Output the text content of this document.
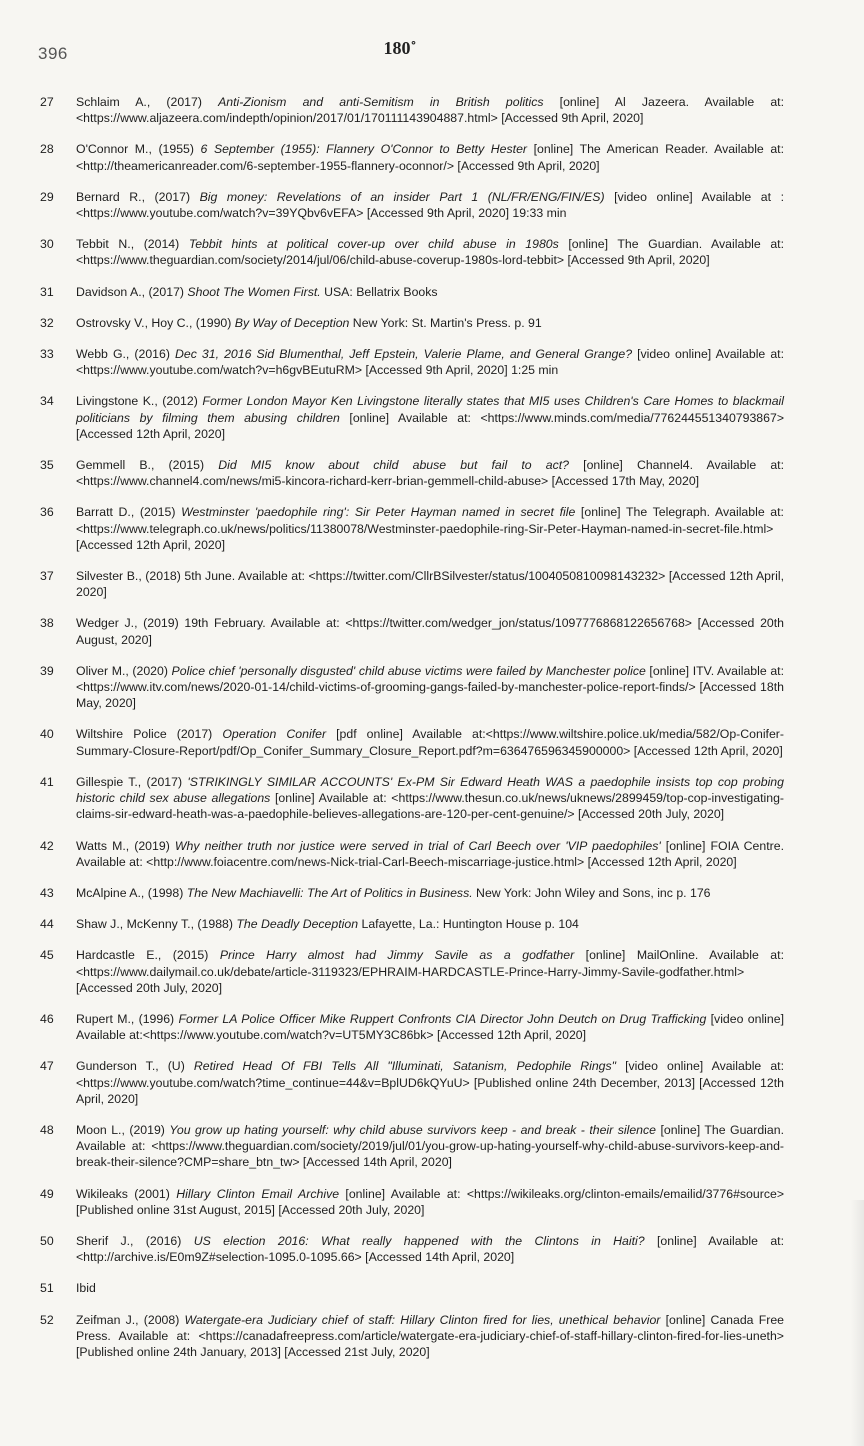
396	180˚
27	Schlaim A., (2017) Anti-Zionism and anti-Semitism in British politics [online] Al Jazeera. Available at:<https://www.aljazeera.com/indepth/opinion/2017/01/170111143904887.html> [Accessed 9th April, 2020]
28	O'Connor M., (1955) 6 September (1955): Flannery O'Connor to Betty Hester [online] The American Reader. Available at:<http://theamericanreader.com/6-september-1955-flannery-oconnor/> [Accessed 9th April, 2020]
29	Bernard R., (2017) Big money: Revelations of an insider Part 1 (NL/FR/ENG/FIN/ES) [video online] Available at : <https://www.youtube.com/watch?v=39YQbv6vEFA> [Accessed 9th April, 2020] 19:33 min
30	Tebbit N., (2014) Tebbit hints at political cover-up over child abuse in 1980s [online] The Guardian. Available at: <https://www.theguardian.com/society/2014/jul/06/child-abuse-coverup-1980s-lord-tebbit> [Accessed 9th April, 2020]
31	Davidson A., (2017) Shoot The Women First. USA: Bellatrix Books
32	Ostrovsky V., Hoy C., (1990) By Way of Deception New York: St. Martin's Press. p. 91
33	Webb G., (2016) Dec 31, 2016 Sid Blumenthal, Jeff Epstein, Valerie Plame, and General Grange? [video online] Available at: <https://www.youtube.com/watch?v=h6gvBEutuRM> [Accessed 9th April, 2020] 1:25 min
34	Livingstone K., (2012) Former London Mayor Ken Livingstone literally states that MI5 uses Children's Care Homes to blackmail politicians by filming them abusing children [online] Available at: <https://www.minds.com/media/776244551340793867> [Accessed 12th April, 2020]
35	Gemmell B., (2015) Did MI5 know about child abuse but fail to act? [online] Channel4. Available at: <https://www.channel4.com/news/mi5-kincora-richard-kerr-brian-gemmell-child-abuse> [Accessed 17th May, 2020]
36	Barratt D., (2015) Westminster 'paedophile ring': Sir Peter Hayman named in secret file [online] The Telegraph. Available at: <https://www.telegraph.co.uk/news/politics/11380078/Westminster-paedophile-ring-Sir-Peter-Hayman-named-in-secret-file.html> [Accessed 12th April, 2020]
37	Silvester B., (2018) 5th June. Available at: <https://twitter.com/CllrBSilvester/status/1004050810098143232> [Accessed 12th April, 2020]
38	Wedger J., (2019) 19th February. Available at: <https://twitter.com/wedger_jon/status/1097776868122656768> [Accessed 20th August, 2020]
39	Oliver M., (2020) Police chief 'personally disgusted' child abuse victims were failed by Manchester police [online] ITV. Available at: <https://www.itv.com/news/2020-01-14/child-victims-of-grooming-gangs-failed-by-manchester-police-report-finds/> [Accessed 18th May, 2020]
40	Wiltshire Police (2017) Operation Conifer [pdf online] Available at:<https://www.wiltshire.police.uk/media/582/Op-Conifer-Summary-Closure-Report/pdf/Op_Conifer_Summary_Closure_Report.pdf?m=636476596345900000> [Accessed 12th April, 2020]
41	Gillespie T., (2017) 'STRIKINGLY SIMILAR ACCOUNTS' Ex-PM Sir Edward Heath WAS a paedophile insists top cop probing historic child sex abuse allegations [online] Available at: <https://www.thesun.co.uk/news/uknews/2899459/top-cop-investigating-claims-sir-edward-heath-was-a-paedophile-believes-allegations-are-120-per-cent-genuine/> [Accessed 20th July, 2020]
42	Watts M., (2019) Why neither truth nor justice were served in trial of Carl Beech over 'VIP paedophiles' [online] FOIA Centre. Available at: <http://www.foiacentre.com/news-Nick-trial-Carl-Beech-miscarriage-justice.html> [Accessed 12th April, 2020]
43	McAlpine A., (1998) The New Machiavelli: The Art of Politics in Business. New York: John Wiley and Sons, inc p. 176
44	Shaw J., McKenny T., (1988) The Deadly Deception Lafayette, La.: Huntington House p. 104
45	Hardcastle E., (2015) Prince Harry almost had Jimmy Savile as a godfather [online] MailOnline. Available at: <https://www.dailymail.co.uk/debate/article-3119323/EPHRAIM-HARDCASTLE-Prince-Harry-Jimmy-Savile-godfather.html> [Accessed 20th July, 2020]
46	Rupert M., (1996) Former LA Police Officer Mike Ruppert Confronts CIA Director John Deutch on Drug Trafficking [video online] Available at:<https://www.youtube.com/watch?v=UT5MY3C86bk> [Accessed 12th April, 2020]
47	Gunderson T., (U) Retired Head Of FBI Tells All "Illuminati, Satanism, Pedophile Rings" [video online] Available at:<https://www.youtube.com/watch?time_continue=44&v=BplUD6kQYuU> [Published online 24th December, 2013] [Accessed 12th April, 2020]
48	Moon L., (2019) You grow up hating yourself: why child abuse survivors keep - and break - their silence [online] The Guardian. Available at: <https://www.theguardian.com/society/2019/jul/01/you-grow-up-hating-yourself-why-child-abuse-survivors-keep-and-break-their-silence?CMP=share_btn_tw> [Accessed 14th April, 2020]
49	Wikileaks (2001) Hillary Clinton Email Archive [online] Available at: <https://wikileaks.org/clinton-emails/emailid/3776#source> [Published online 31st August, 2015] [Accessed 20th July, 2020]
50	Sherif J., (2016) US election 2016: What really happened with the Clintons in Haiti? [online] Available at:<http://archive.is/E0m9Z#selection-1095.0-1095.66> [Accessed 14th April, 2020]
51	Ibid
52	Zeifman J., (2008) Watergate-era Judiciary chief of staff: Hillary Clinton fired for lies, unethical behavior [online] Canada Free Press. Available at: <https://canadafreepress.com/article/watergate-era-judiciary-chief-of-staff-hillary-clinton-fired-for-lies-uneth> [Published online 24th January, 2013] [Accessed 21st July, 2020]
